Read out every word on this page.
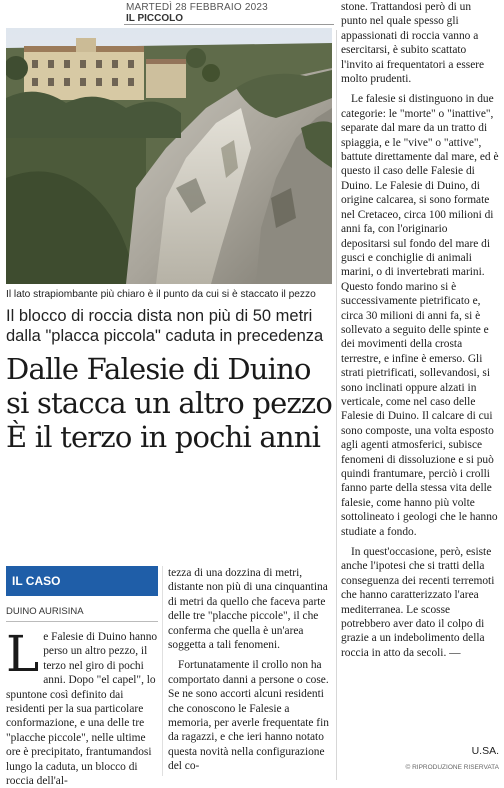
MARTEDÌ 28 FEBBRAIO 2023
IL PICCOLO
Il lato strapiombante più chiaro è il punto da cui si è staccato il pezzo
Il blocco di roccia dista non più di 50 metri dalla "placca piccola" caduta in precedenza
Dalle Falesie di Duino
si stacca un altro pezzo
È il terzo in pochi anni
IL CASO
DUINO AURISINA
Le Falesie di Duino hanno perso un altro pezzo, il terzo nel giro di pochi anni. Dopo "el capel", lo spuntone così definito dai residenti per la sua particolare conformazione, e una delle tre "placche piccole", nelle ultime ore è precipitato, frantumandosi lungo la caduta, un blocco di roccia dell'al-

tezza di una dozzina di metri, distante non più di una cinquantina di metri da quello che faceva parte delle tre "placche piccole", il che conferma che quella è un'area soggetta a tali fenomeni.

Fortunatamente il crollo non ha comportato danni a persone o cose. Se ne sono accorti alcuni residenti che conoscono le Falesie a memoria, per averle frequentate fin da ragazzi, e che ieri hanno notato questa novità nella configurazione del co-

stone. Trattandosi però di un punto nel quale spesso gli appassionati di roccia vanno a esercitarsi, è subito scattato l'invito ai frequentatori a essere molto prudenti.

Le falesie si distinguono in due categorie: le "morte" o "inattive", separate dal mare da un tratto di spiaggia, e le "vive" o "attive", battute direttamente dal mare, ed è questo il caso delle Falesie di Duino. Le Falesie di Duino, di origine calcarea, si sono formate nel Cretaceo, circa 100 milioni di anni fa, con l'originario depositarsi sul fondo del mare di gusci e conchiglie di animali marini, o di invertebrati marini. Questo fondo marino si è successivamente pietrificato e, circa 30 milioni di anni fa, si è sollevato a seguito delle spinte e dei movimenti della crosta terrestre, e infine è emerso. Gli strati pietrificati, sollevandosi, si sono inclinati oppure alzati in verticale, come nel caso delle Falesie di Duino. Il calcare di cui sono composte, una volta esposto agli agenti atmosferici, subisce fenomeni di dissoluzione e si può quindi frantumare, perciò i crolli fanno parte della stessa vita delle falesie, come hanno più volte sottolineato i geologi che le hanno studiate a fondo.

In quest'occasione, però, esiste anche l'ipotesi che si tratti della conseguenza dei recenti terremoti che hanno caratterizzato l'area mediterranea. Le scosse potrebbero aver dato il colpo di grazie a un indebolimento della roccia in atto da secoli. —

U.SA.
© RIPRODUZIONE RISERVATA
